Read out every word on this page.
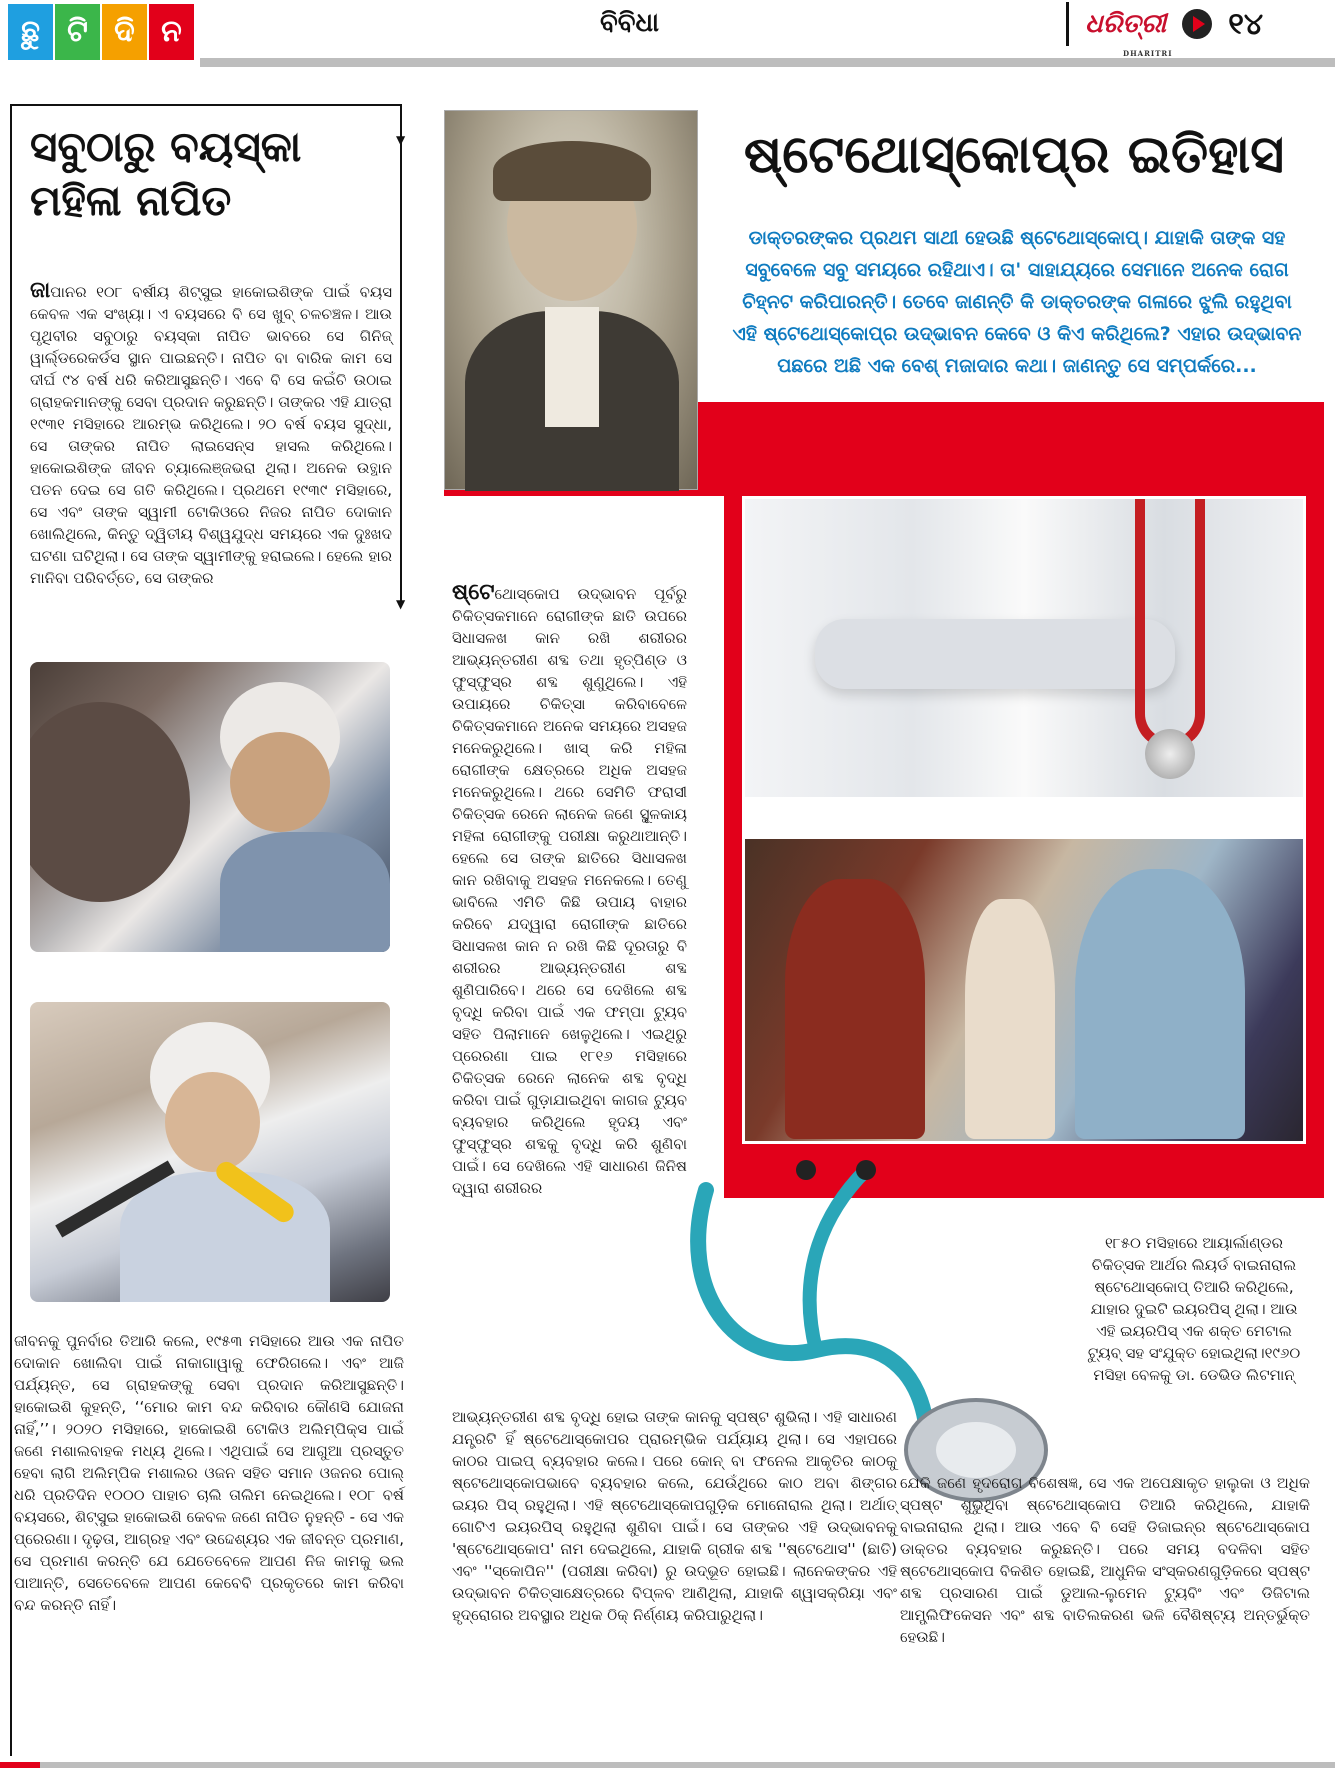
ଛୁ ଟି ଦି ନ	ବିବିଧା	ଧରିତ୍ରୀ
DHARITRI
୧୪
▼
▼
ସବୁଠାରୁ ବୟସ୍କା
ମହିଳା ନାପିତ

ଜାପାନର ୧୦୮ ବର୍ଷୀୟ ଶିଟ୍ସୁଇ ହାକୋଇଶିଙ୍କ ପାଇଁ ବୟସ କେବଳ ଏକ ସଂଖ୍ୟା। ଏ ବୟସରେ ବି ସେ ଖୁବ୍ ଚଳଚଞ୍ଚଳ। ଆଉ ପୃଥିବୀର ସବୁଠାରୁ ବୟସ୍କା ନାପିତ ଭାବରେ ସେ ଗିନିଜ୍ ୱାର୍ଲ୍ଡରେକର୍ଡସ ସ୍ଥାନ ପାଇଛନ୍ତି। ନାପିତ ବା ବାରିକ କାମ ସେ ଦୀର୍ଘ ୯୪ ବର୍ଷ ଧରି କରିଆସୁଛନ୍ତି। ଏବେ ବି ସେ କଇଁଚି ଉଠାଇ ଗ୍ରାହକମାନଙ୍କୁ ସେବା ପ୍ରଦାନ କରୁଛନ୍ତି। ତାଙ୍କର ଏହି ଯାତ୍ରା ୧୯୩୧ ମସିହାରେ ଆରମ୍ଭ କରିଥିଲେ। ୨୦ ବର୍ଷ ବୟସ ସୁଦ୍ଧା, ସେ ତାଙ୍କର ନାପିତ ଲାଇସେନ୍ସ ହାସଲ କରିଥିଲେ। ହାକୋଇଶିଙ୍କ ଜୀବନ ଚ୍ୟାଲେଞ୍ଜଭରା ଥିଲା। ଅନେକ ଉତ୍ଥାନ ପତନ ଦେଇ ସେ ଗତି କରିଥିଲେ। ପ୍ରଥମେ ୧୯୩୯ ମସିହାରେ, ସେ ଏବଂ ତାଙ୍କ ସ୍ୱାମୀ ଟୋକିଓରେ ନିଜର ନାପିତ ଦୋକାନ ଖୋଲିଥିଲେ, କିନ୍ତୁ ଦ୍ୱିତୀୟ ବିଶ୍ୱଯୁଦ୍ଧ ସମୟରେ ଏକ ଦୁଃଖଦ ଘଟଣା ଘଟିଥିଲା। ସେ ତାଙ୍କ ସ୍ୱାମୀଙ୍କୁ ହରାଇଲେ। ହେଲେ ହାର ମାନିବା ପରିବର୍ତ୍ତେ, ସେ ତାଙ୍କର

ଜୀବନକୁ ପୁନର୍ବାର ତିଆରି କଲେ, ୧୯୫୩ ମସିହାରେ ଆଉ ଏକ ନାପିତ ଦୋକାନ ଖୋଲିବା ପାଇଁ ନାକାଗାୱାକୁ ଫେରିଗଲେ। ଏବଂ ଆଜି ପର୍ଯ୍ୟନ୍ତ, ସେ ଗ୍ରାହକଙ୍କୁ ସେବା ପ୍ରଦାନ କରିଆସୁଛନ୍ତି। ହାକୋଇଶି କୁହନ୍ତି, ‘‘ମୋର କାମ ବନ୍ଦ କରିବାର କୌଣସି ଯୋଜନା ନାହିଁ,’’। ୨୦୨୦ ମସିହାରେ, ହାକୋଇଶି ଟୋକିଓ ଅଲିମ୍ପିକ୍ସ ପାଇଁ ଜଣେ ମଶାଲବାହକ ମଧ୍ୟ ଥିଲେ। ଏଥିପାଇଁ ସେ ଆଗୁଆ ପ୍ରସ୍ତୁତ ହେବା ଲାଗି ଅଲିମ୍ପିକ ମଶାଲର ଓଜନ ସହିତ ସମାନ ଓଜନର ପୋଲ୍ ଧରି ପ୍ରତିଦିନ ୧୦୦୦ ପାହାଚ ଚାଲି ତାଲିମ ନେଇଥିଲେ। ୧୦୮ ବର୍ଷ ବୟସରେ, ଶିଟ୍ସୁଇ ହାକୋଇଶି କେବଳ ଜଣେ ନାପିତ ନୁହନ୍ତି - ସେ ଏକ ପ୍ରେରଣା। ଦୃଢ଼ତା, ଆଗ୍ରହ ଏବଂ ଉଦ୍ଦେଶ୍ୟର ଏକ ଜୀବନ୍ତ ପ୍ରମାଣ, ସେ ପ୍ରମାଣ କରନ୍ତି ଯେ ଯେତେବେଳେ ଆପଣ ନିଜ କାମକୁ ଭଲ ପାଆନ୍ତି, ସେତେବେଳେ ଆପଣ କେବେବି ପ୍ରକୃତରେ କାମ କରିବା ବନ୍ଦ କରନ୍ତି ନାହିଁ।

ଷ୍ଟେଥୋସ୍କୋପ୍‌ର ଇତିହାସ

ଡାକ୍ତରଙ୍କର ପ୍ରଥମ ସାଥୀ ହେଉଛି ଷ୍ଟେଥୋସ୍କୋପ୍। ଯାହାକି ତାଙ୍କ ସହ ସବୁବେଳେ ସବୁ ସମୟରେ ରହିଥାଏ। ତା' ସାହାଯ୍ୟରେ ସେମାନେ ଅନେକ ରୋଗ ଚିହ୍ନଟ କରିପାରନ୍ତି। ତେବେ ଜାଣନ୍ତି କି ଡାକ୍ତରଙ୍କ ଗଳାରେ ଝୁଲି ରହୁଥିବା ଏହି ଷ୍ଟେଥୋସ୍କୋପ୍‌ର ଉଦ୍ଭାବନ କେବେ ଓ କିଏ କରିଥିଲେ? ଏହାର ଉଦ୍ଭାବନ ପଛରେ ଅଛି ଏକ ବେଶ୍ ମଜାଦାର କଥା। ଜାଣନ୍ତୁ ସେ ସମ୍ପର୍କରେ...

ଷ୍ଟେଥୋସ୍କୋପ ଉଦ୍ଭାବନ ପୂର୍ବରୁ ଚିକିତ୍ସକମାନେ ରୋଗୀଙ୍କ ଛାତି ଉପରେ ସିଧାସଳଖ କାନ ରଖି ଶରୀରର ଆଭ୍ୟନ୍ତରୀଣ ଶବ୍ଦ ତଥା ହୃତ୍‌ପିଣ୍ଡ ଓ ଫୁସ୍‌ଫୁସ୍‌ର ଶବ୍ଦ ଶୁଣୁଥିଲେ। ଏହି ଉପାୟରେ ଚିକିତ୍ସା କରିବାବେଳେ ଚିକିତ୍ସକମାନେ ଅନେକ ସମୟରେ ଅସହଜ ମନେକରୁଥିଲେ। ଖାସ୍ କରି ମହିଳା ରୋଗୀଙ୍କ କ୍ଷେତ୍ରରେ ଅଧିକ ଅସହଜ ମନେକରୁଥିଲେ। ଥରେ ସେମିତି ଫରାସୀ ଚିକିତ୍ସକ ରେନେ ଲାନେକ ଜଣେ ସ୍ଥୂଳକାୟ ମହିଳା ରୋଗୀଙ୍କୁ ପରୀକ୍ଷା କରୁଥାଆନ୍ତି। ହେଲେ ସେ ତାଙ୍କ ଛାତିରେ ସିଧାସଳଖ କାନ ରଖିବାକୁ ଅସହଜ ମନେକଲେ। ତେଣୁ ଭାବିଲେ ଏମିତି କିଛି ଉପାୟ ବାହାର କରିବେ ଯଦ୍ୱାରା ରୋଗୀଙ୍କ ଛାତିରେ ସିଧାସଳଖ କାନ ନ ରଖି କିଛି ଦୂରତାରୁ ବି ଶରୀରର ଆଭ୍ୟନ୍ତରୀଣ ଶବ୍ଦ ଶୁଣିପାରିବେ। ଥରେ ସେ ଦେଖିଲେ ଶବ୍ଦ ବୃଦ୍ଧି କରିବା ପାଇଁ ଏକ ଫମ୍ପା ଟ୍ୟୁବ ସହିତ ପିଲାମାନେ ଖେଳୁଥିଲେ। ଏଇଥିରୁ ପ୍ରେରଣା ପାଇ ୧୮୧୬ ମସିହାରେ ଚିକିତ୍ସକ ରେନେ ଲାନେକ ଶବ୍ଦ ବୃଦ୍ଧି କରିବା ପାଇଁ ଗୁଡ଼ାଯାଇଥିବା କାଗଜ ଟ୍ୟୁବ ବ୍ୟବହାର କରିଥିଲେ ହୃଦୟ ଏବଂ ଫୁସ୍‌ଫୁସ୍‌ର ଶବ୍ଦକୁ ବୃଦ୍ଧି କରି ଶୁଣିବା ପାଇଁ। ସେ ଦେଖିଲେ ଏହି ସାଧାରଣ ଜିନିଷ ଦ୍ୱାରା ଶରୀରର

ଆଭ୍ୟନ୍ତରୀଣ ଶବ୍ଦ ବୃଦ୍ଧି ହୋଇ ତାଙ୍କ କାନକୁ ସ୍ପଷ୍ଟ ଶୁଭିଲା। ଏହି ସାଧାରଣ ଯନ୍ତ୍ରଟି ହିଁ ଷ୍ଟେଥୋସ୍କୋପର ପ୍ରାରମ୍ଭିକ ପର୍ଯ୍ୟାୟ ଥିଲା। ସେ ଏହାପରେ କାଠର ପାଇପ୍ ବ୍ୟବହାର କଲେ। ପରେ କୋନ୍ ବା ଫନେଲ ଆକୃତିର କାଠକୁ ଷ୍ଟେଥୋସ୍କୋପଭାବେ ବ୍ୟବହାର କଲେ, ଯେଉଁଥିରେ କାଠ ଅବା ଶିଙ୍ଗର ଇୟର ପିସ୍ ରହୁଥିଲା। ଏହି ଷ୍ଟେଥୋସ୍କୋପଗୁଡ଼ିକ ମୋନୋରାଲ ଥିଲା। ଅର୍ଥାତ୍ ଗୋଟିଏ ଇୟରପିସ୍ ରହୁଥିଲା ଶୁଣିବା ପାଇଁ। ସେ ତାଙ୍କର ଏହି ଉଦ୍ଭାବନକୁ 'ଷ୍ଟେଥୋସ୍କୋପ' ନାମ ଦେଇଥିଲେ, ଯାହାକି ଗ୍ରୀକ ଶବ୍ଦ ''ଷ୍ଟେଥୋସ'' (ଛାତି) ଏବଂ ''ସ୍କୋପିନ'' (ପରୀକ୍ଷା କରିବା) ରୁ ଉଦ୍ଭୂତ ହୋଇଛି। ଲାନେକଙ୍କର ଏହି ଉଦ୍ଭାବନ ଚିକିତ୍ସାକ୍ଷେତ୍ରରେ ବିପ୍ଳବ ଆଣିଥିଲା, ଯାହାକି ଶ୍ୱାସକ୍ରିୟା ଏବଂ ହୃଦ୍‌ରୋଗର ଅବସ୍ଥାର ଅଧିକ ଠିକ୍ ନିର୍ଣ୍ଣୟ କରିପାରୁଥିଲା।

୧୮୫୦ ମସିହାରେ ଆୟାର୍ଲାଣ୍ଡର ଚିକିତ୍ସକ ଆର୍ଥର ଲିୟର୍ଡ ବାଇନାରାଲ ଷ୍ଟେଥୋସ୍କୋପ୍ ତିଆରି କରିଥିଲେ, ଯାହାର ଦୁଇଟି ଇୟରପିସ୍ ଥିଲା। ଆଉ ଏହି ଇୟରପିସ୍ ଏକ ଶକ୍ତ ମେଟାଲ ଟ୍ୟୁବ୍ ସହ ସଂଯୁକ୍ତ ହୋଇଥିଲା।୧୯୬୦ ମସିହା ବେଳକୁ ଡା. ଡେଭିଡ ଲିଟମାନ୍

ଯେକି ଜଣେ ହୃଦରୋଗ ବିଶେଷଜ୍ଞ, ସେ ଏକ ଅପେକ୍ଷାକୃତ ହାଲୁକା ଓ ଅଧିକ ସ୍ପଷ୍ଟ ଶୁଭୁଥିବା ଷ୍ଟେଥୋସ୍କୋପ ତିଆରି କରିଥିଲେ, ଯାହାକି ବାଇନାରାଲ ଥିଲା। ଆଉ ଏବେ ବି ସେହି ଡିଜାଇନ୍‌ର ଷ୍ଟେଥୋସ୍କୋପ ଡାକ୍ତର ବ୍ୟବହାର କରୁଛନ୍ତି। ପରେ ସମୟ ବଦଳିବା ସହିତ ଷ୍ଟେଥୋସ୍କୋପ ବିକଶିତ ହୋଇଛି, ଆଧୁନିକ ସଂସ୍କରଣଗୁଡ଼ିକରେ ସ୍ପଷ୍ଟ ଶବ୍ଦ ପ୍ରସାରଣ ପାଇଁ ଡୁଆଲ-ଲୁମେନ ଟ୍ୟୁବିଂ ଏବଂ ଡିଜିଟାଲ ଆମ୍ପ୍ଲିଫିକେସନ ଏବଂ ଶବ୍ଦ ବାତିଲକରଣ ଭଳି ବୈଶିଷ୍ଟ୍ୟ ଅନ୍ତର୍ଭୁକ୍ତ ହେଉଛି।
